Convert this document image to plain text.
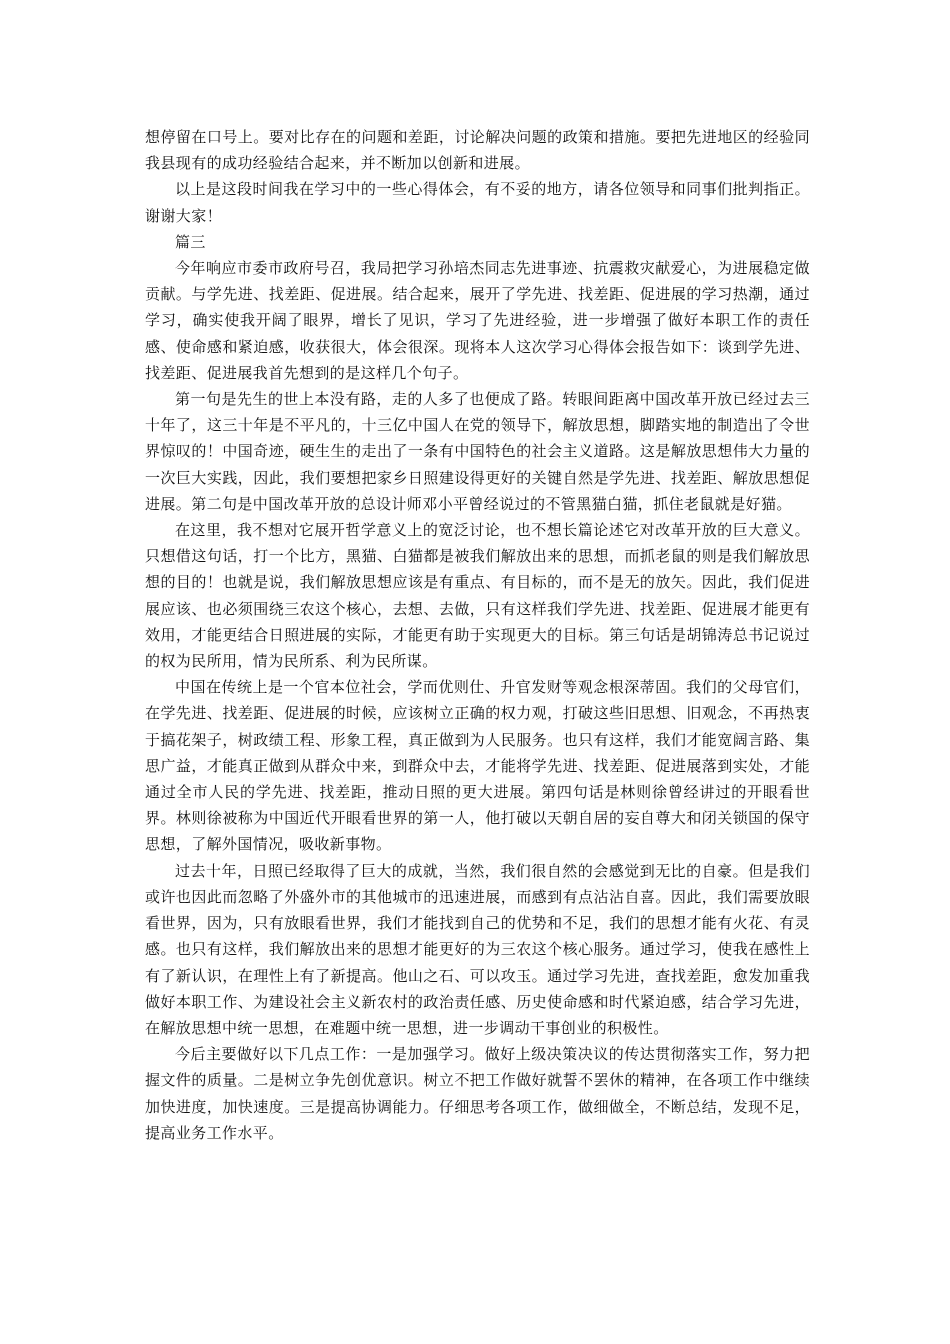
想停留在口号上。要对比存在的问题和差距，讨论解决问题的政策和措施。要把先进地区的经验同我县现有的成功经验结合起来，并不断加以创新和进展。

以上是这段时间我在学习中的一些心得体会，有不妥的地方，请各位领导和同事们批判指正。谢谢大家！

篇三

今年响应市委市政府号召，我局把学习孙培杰同志先进事迹、抗震救灾献爱心，为进展稳定做贡献。与学先进、找差距、促进展。结合起来，展开了学先进、找差距、促进展的学习热潮，通过学习，确实使我开阔了眼界，增长了见识，学习了先进经验，进一步增强了做好本职工作的责任感、使命感和紧迫感，收获很大，体会很深。现将本人这次学习心得体会报告如下：谈到学先进、找差距、促进展我首先想到的是这样几个句子。

第一句是先生的世上本没有路，走的人多了也便成了路。转眼间距离中国改革开放已经过去三十年了，这三十年是不平凡的，十三亿中国人在党的领导下，解放思想，脚踏实地的制造出了令世界惊叹的！中国奇迹，硬生生的走出了一条有中国特色的社会主义道路。这是解放思想伟大力量的一次巨大实践，因此，我们要想把家乡日照建设得更好的关键自然是学先进、找差距、解放思想促进展。第二句是中国改革开放的总设计师邓小平曾经说过的不管黑猫白猫，抓住老鼠就是好猫。

在这里，我不想对它展开哲学意义上的宽泛讨论，也不想长篇论述它对改革开放的巨大意义。只想借这句话，打一个比方，黑猫、白猫都是被我们解放出来的思想，而抓老鼠的则是我们解放思想的目的！也就是说，我们解放思想应该是有重点、有目标的，而不是无的放矢。因此，我们促进展应该、也必须围绕三农这个核心，去想、去做，只有这样我们学先进、找差距、促进展才能更有效用，才能更结合日照进展的实际，才能更有助于实现更大的目标。第三句话是胡锦涛总书记说过的权为民所用，情为民所系、利为民所谋。

中国在传统上是一个官本位社会，学而优则仕、升官发财等观念根深蒂固。我们的父母官们，在学先进、找差距、促进展的时候，应该树立正确的权力观，打破这些旧思想、旧观念，不再热衷于搞花架子，树政绩工程、形象工程，真正做到为人民服务。也只有这样，我们才能宽阔言路、集思广益，才能真正做到从群众中来，到群众中去，才能将学先进、找差距、促进展落到实处，才能通过全市人民的学先进、找差距，推动日照的更大进展。第四句话是林则徐曾经讲过的开眼看世界。林则徐被称为中国近代开眼看世界的第一人，他打破以天朝自居的妄自尊大和闭关锁国的保守思想，了解外国情况，吸收新事物。

过去十年，日照已经取得了巨大的成就，当然，我们很自然的会感觉到无比的自豪。但是我们或许也因此而忽略了外盛外市的其他城市的迅速进展，而感到有点沾沾自喜。因此，我们需要放眼看世界，因为，只有放眼看世界，我们才能找到自己的优势和不足，我们的思想才能有火花、有灵感。也只有这样，我们解放出来的思想才能更好的为三农这个核心服务。通过学习，使我在感性上有了新认识，在理性上有了新提高。他山之石、可以攻玉。通过学习先进，查找差距，愈发加重我做好本职工作、为建设社会主义新农村的政治责任感、历史使命感和时代紧迫感，结合学习先进，在解放思想中统一思想，在难题中统一思想，进一步调动干事创业的积极性。

今后主要做好以下几点工作：一是加强学习。做好上级决策决议的传达贯彻落实工作，努力把握文件的质量。二是树立争先创优意识。树立不把工作做好就誓不罢休的精神，在各项工作中继续加快进度，加快速度。三是提高协调能力。仔细思考各项工作，做细做全，不断总结，发现不足，提高业务工作水平。
